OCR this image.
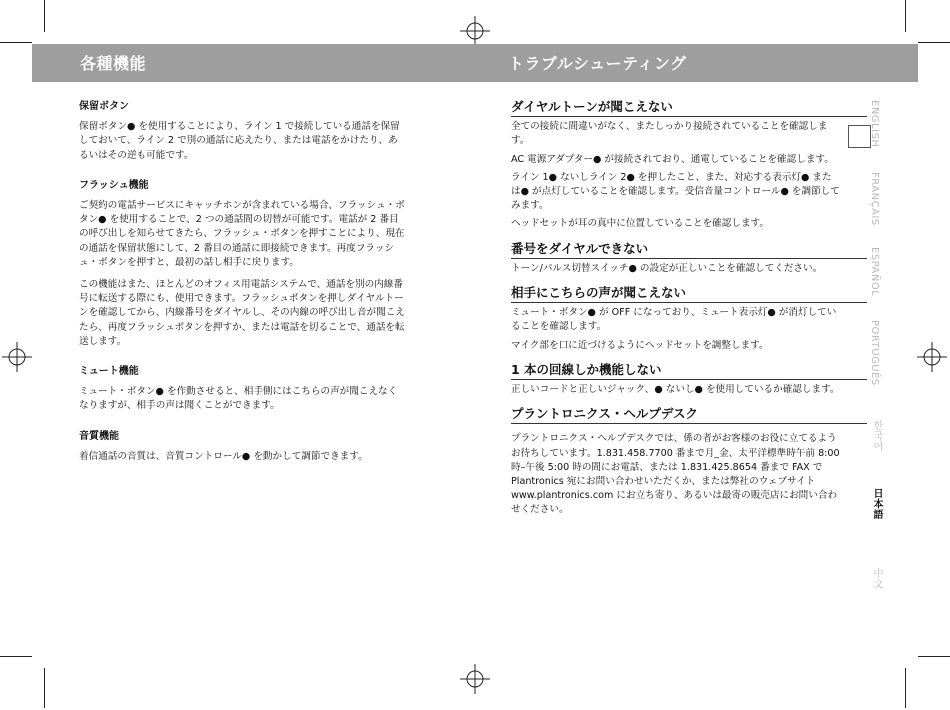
各種機能	トラブルシューティング
保留ボタン
保留ボタン● を使用することにより、ライン 1 で接続している通話を保留しておいて、ライン 2 で別の通話に応えたり、または電話をかけたり、あるいはその逆も可能です。
フラッシュ機能
ご契約の電話サービスにキャッチホンが含まれている場合、フラッシュ・ボタン● を使用することで、2 つの通話間の切替が可能です。電話が 2 番目の呼び出しを知らせてきたら、フラッシュ・ボタンを押すことにより、現在の通話を保留状態にして、2 番目の通話に即接続できます。再度フラッシュ・ボタンを押すと、最初の話し相手に戻ります。
この機能はまた、ほとんどのオフィス用電話システムで、通話を別の内線番号に転送する際にも、使用できます。フラッシュボタンを押しダイヤルトーンを確認してから、内線番号をダイヤルし、その内線の呼び出し音が聞こえたら、再度フラッシュボタンを押すか、または電話を切ることで、通話を転送します。
ミュート機能
ミュート・ボタン● を作動させると、相手側にはこちらの声が聞こえなくなりますが、相手の声は聞くことができます。
音質機能
着信通話の音質は、音質コントロール● を動かして調節できます。
ダイヤルトーンが聞こえない
全ての接続に間違いがなく、またしっかり接続されていることを確認します。
AC 電源アダプター● が接続されており、通電していることを確認します。
ライン 1● ないしライン 2● を押したこと、また、対応する表示灯● または● が点灯していることを確認します。受信音量コントロール● を調節してみます。
ヘッドセットが耳の真中に位置していることを確認します。
番号をダイヤルできない
トーン/パルス切替スイッチ● の設定が正しいことを確認してください。
相手にこちらの声が聞こえない
ミュート・ボタン● が OFF になっており、ミュート表示灯● が消灯していることを確認します。
マイク部を口に近づけるようにヘッドセットを調整します。
1 本の回線しか機能しない
正しいコードと正しいジャック、● ないし● を使用しているか確認します。
プラントロニクス・ヘルプデスク
プラントロニクス・ヘルプデスクでは、係の者がお客様のお役に立てるようお待ちしています。1.831.458.7700 番まで月_金、太平洋標準時午前 8:00 時–午後 5:00 時の間にお電話、または 1.831.425.8654 番まで FAX で Plantronics 宛にお問い合わせいただくか、または弊社のウェブサイト www.plantronics.com にお立ち寄り、あるいは最寄の販売店にお問い合わせください。
ENGLISH
FRANÇAIS
ESPAÑOL
PORTUGUÊS
한국어
日本語
中文
